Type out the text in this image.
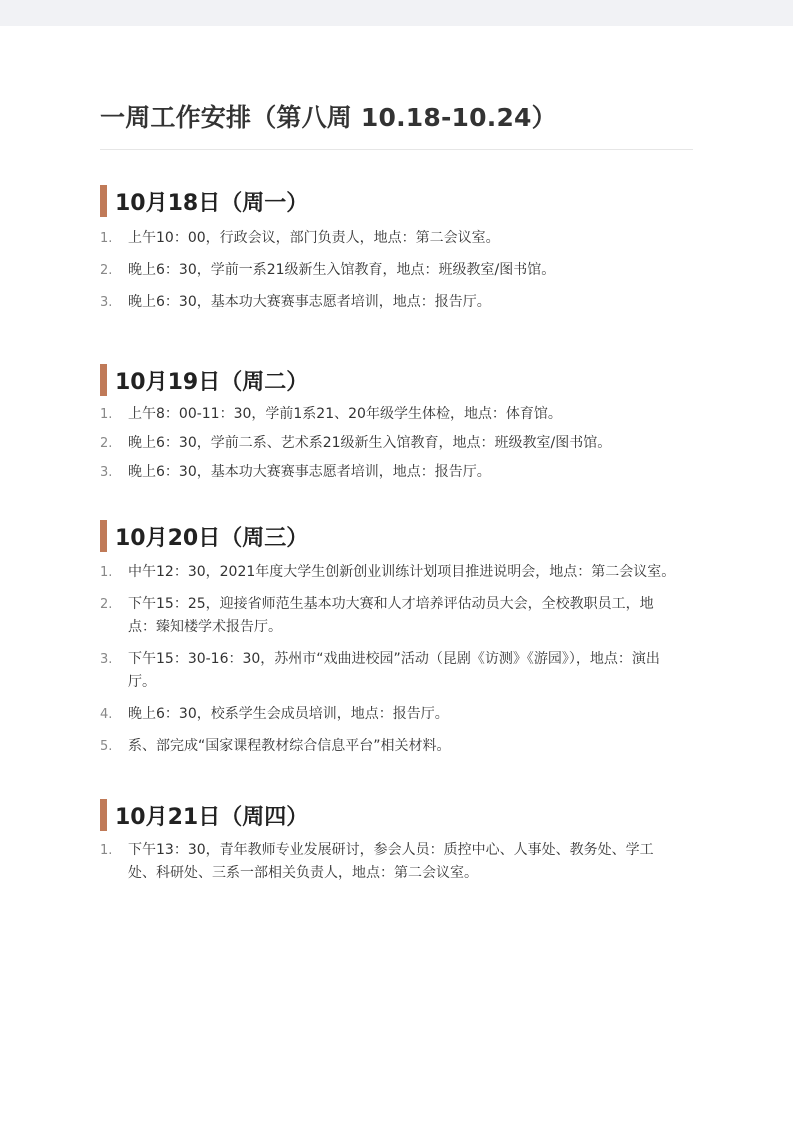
一周工作安排（第八周 10.18-10.24）
10月18日（周一）
1. 上午10：00，行政会议，部门负责人，地点：第二会议室。
2. 晚上6：30，学前一系21级新生入馆教育，地点：班级教室/图书馆。
3. 晚上6：30，基本功大赛赛事志愿者培训，地点：报告厅。
10月19日（周二）
1. 上午8：00-11：30，学前1系21、20年级学生体检，地点：体育馆。
2. 晚上6：30，学前二系、艺术系21级新生入馆教育，地点：班级教室/图书馆。
3. 晚上6：30，基本功大赛赛事志愿者培训，地点：报告厅。
10月20日（周三）
1. 中午12：30，2021年度大学生创新创业训练计划项目推进说明会，地点：第二会议室。
2. 下午15：25，迎接省师范生基本功大赛和人才培养评估动员大会，全校教职员工，地点：臻知楼学术报告厅。
3. 下午15：30-16：30，苏州市“戏曲进校园”活动（昆剧《访测》《游园》），地点：演出厅。
4. 晚上6：30，校系学生会成员培训，地点：报告厅。
5. 系、部完成“国家课程教材综合信息平台”相关材料。
10月21日（周四）
1. 下午13：30，青年教师专业发展研讨，参会人员：质控中心、人事处、教务处、学工处、科研处、三系一部相关负责人，地点：第二会议室。
